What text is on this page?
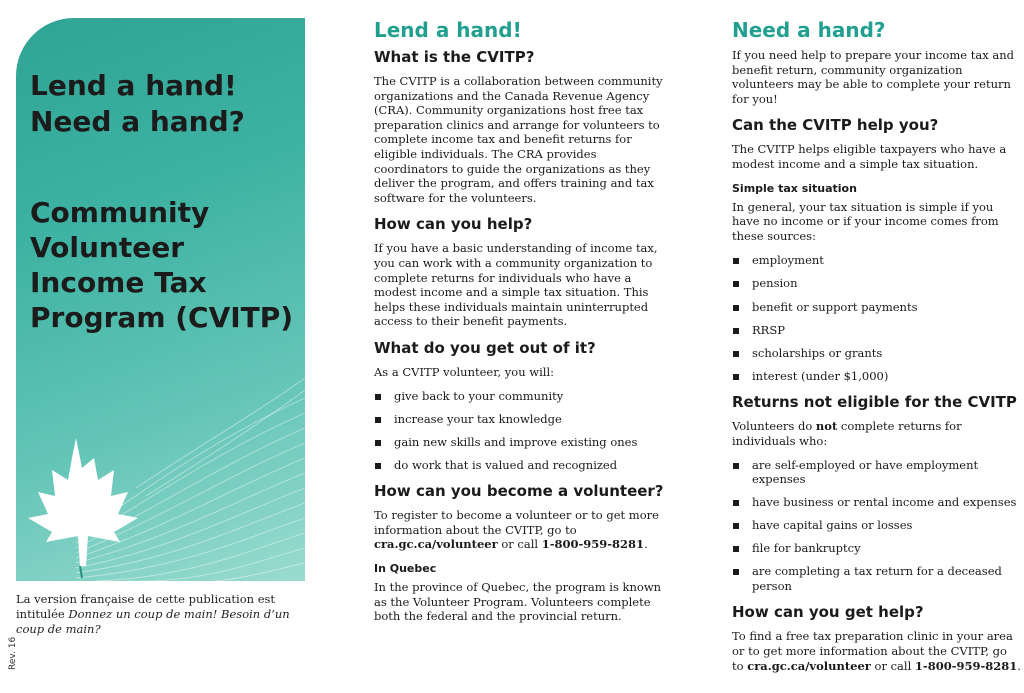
Lend a hand!
Need a hand?
Community Volunteer Income Tax Program (CVITP)
La version française de cette publication est intitulée Donnez un coup de main! Besoin d’un coup de main?
Rev. 16
Lend a hand!
What is the CVITP?

The CVITP is a collaboration between community organizations and the Canada Revenue Agency (CRA). Community organizations host free tax preparation clinics and arrange for volunteers to complete income tax and benefit returns for eligible individuals. The CRA provides coordinators to guide the organizations as they deliver the program, and offers training and tax software for the volunteers.

How can you help?

If you have a basic understanding of income tax, you can work with a community organization to complete returns for individuals who have a modest income and a simple tax situation. This helps these individuals maintain uninterrupted access to their benefit payments.

What do you get out of it?

As a CVITP volunteer, you will:

give back to your community
increase your tax knowledge
gain new skills and improve existing ones
do work that is valued and recognized
How can you become a volunteer?

To register to become a volunteer or to get more information about the CVITP, go to cra.gc.ca/volunteer or call 1-800-959-8281.

In Quebec

In the province of Quebec, the program is known as the Volunteer Program. Volunteers complete both the federal and the provincial return.

Need a hand?

If you need help to prepare your income tax and benefit return, community organization volunteers may be able to complete your return for you!

Can the CVITP help you?

The CVITP helps eligible taxpayers who have a modest income and a simple tax situation.

Simple tax situation

In general, your tax situation is simple if you have no income or if your income comes from these sources:

employment
pension
benefit or support payments
RRSP
scholarships or grants
interest (under $1,000)
Returns not eligible for the CVITP

Volunteers do not complete returns for individuals who:

are self-employed or have employment expenses
have business or rental income and expenses
have capital gains or losses
file for bankruptcy
are completing a tax return for a deceased person
How can you get help?

To find a free tax preparation clinic in your area or to get more information about the CVITP, go to cra.gc.ca/volunteer or call 1-800-959-8281.
